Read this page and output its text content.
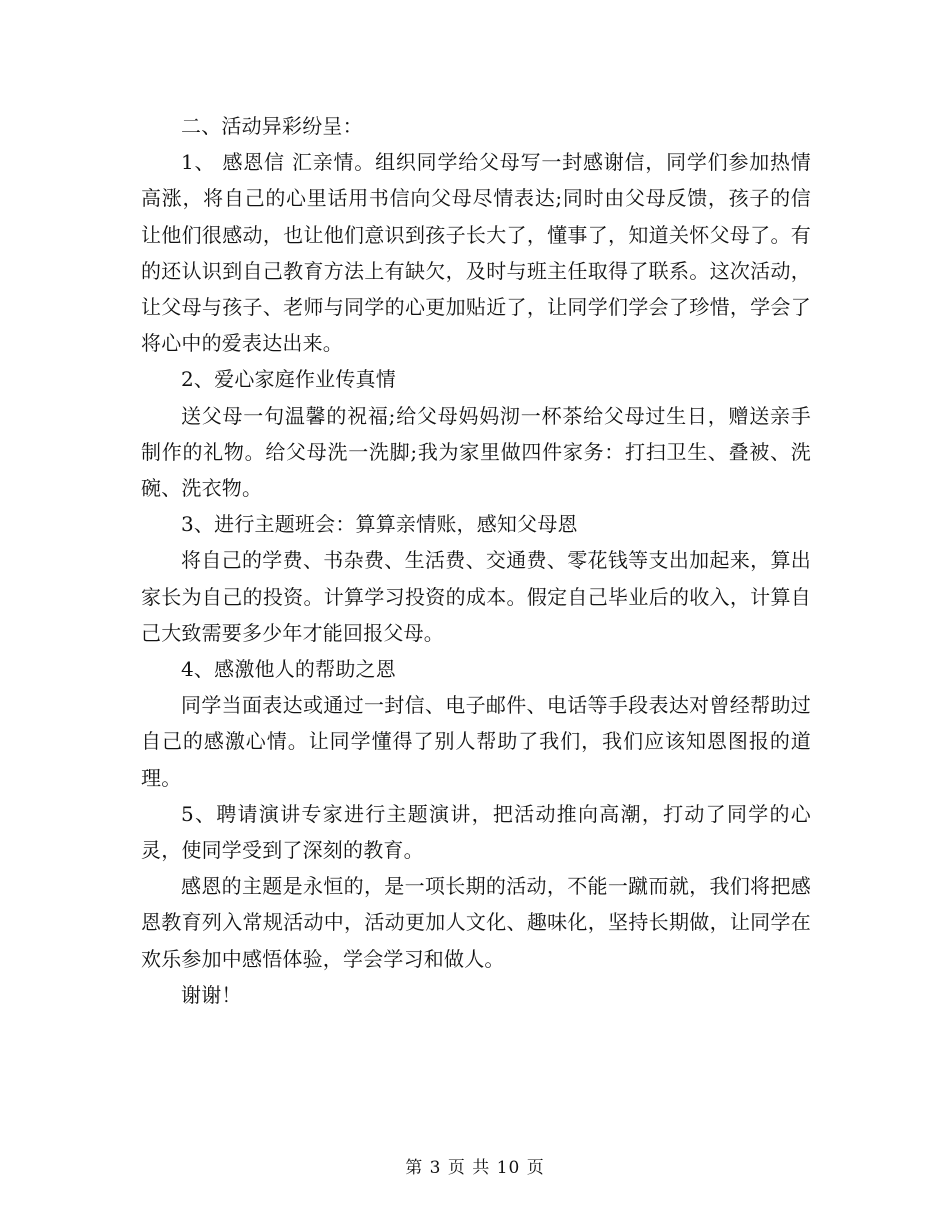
二、活动异彩纷呈：

1、 感恩信 汇亲情。组织同学给父母写一封感谢信，同学们参加热情高涨，将自己的心里话用书信向父母尽情表达;同时由父母反馈，孩子的信让他们很感动，也让他们意识到孩子长大了，懂事了，知道关怀父母了。有的还认识到自己教育方法上有缺欠，及时与班主任取得了联系。这次活动，让父母与孩子、老师与同学的心更加贴近了，让同学们学会了珍惜，学会了将心中的爱表达出来。

2、爱心家庭作业传真情

送父母一句温馨的祝福;给父母妈妈沏一杯茶给父母过生日，赠送亲手制作的礼物。给父母洗一洗脚;我为家里做四件家务：打扫卫生、叠被、洗碗、洗衣物。

3、进行主题班会：算算亲情账，感知父母恩

将自己的学费、书杂费、生活费、交通费、零花钱等支出加起来，算出家长为自己的投资。计算学习投资的成本。假定自己毕业后的收入，计算自己大致需要多少年才能回报父母。

4、感激他人的帮助之恩

同学当面表达或通过一封信、电子邮件、电话等手段表达对曾经帮助过自己的感激心情。让同学懂得了别人帮助了我们，我们应该知恩图报的道理。

5、聘请演讲专家进行主题演讲，把活动推向高潮，打动了同学的心灵，使同学受到了深刻的教育。

感恩的主题是永恒的，是一项长期的活动，不能一蹴而就，我们将把感恩教育列入常规活动中，活动更加人文化、趣味化，坚持长期做，让同学在欢乐参加中感悟体验，学会学习和做人。

谢谢！

第 3 页 共 10 页
